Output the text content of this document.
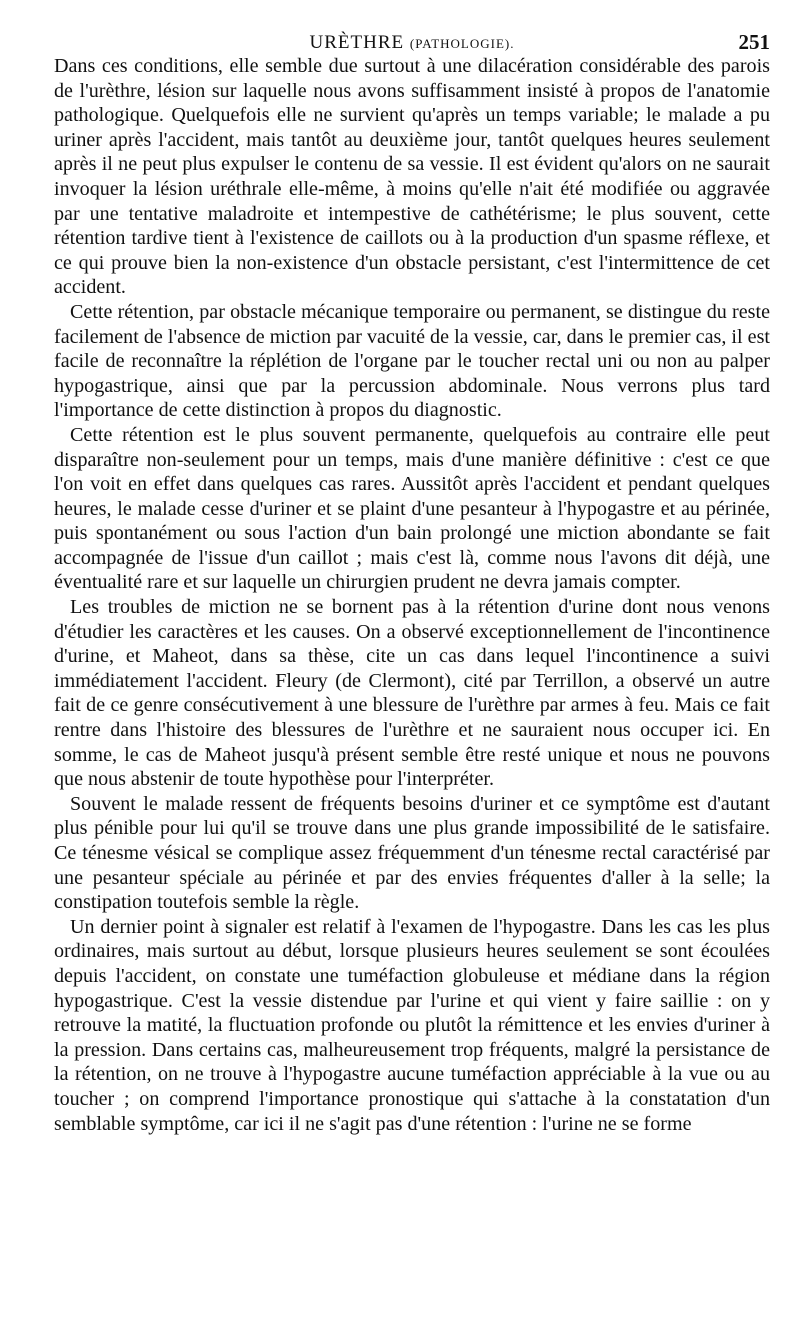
URÈTHRE (PATHOLOGIE).	251

Dans ces conditions, elle semble due surtout à une dilacération considérable des parois de l'urèthre, lésion sur laquelle nous avons suffisamment insisté à propos de l'anatomie pathologique. Quelquefois elle ne survient qu'après un temps variable; le malade a pu uriner après l'accident, mais tantôt au deuxième jour, tantôt quelques heures seulement après il ne peut plus expulser le contenu de sa vessie. Il est évident qu'alors on ne saurait invoquer la lésion uréthrale elle-même, à moins qu'elle n'ait été modifiée ou aggravée par une tentative maladroite et intempestive de cathétérisme; le plus souvent, cette rétention tardive tient à l'existence de caillots ou à la production d'un spasme réflexe, et ce qui prouve bien la non-existence d'un obstacle persistant, c'est l'intermittence de cet accident.

Cette rétention, par obstacle mécanique temporaire ou permanent, se distingue du reste facilement de l'absence de miction par vacuité de la vessie, car, dans le premier cas, il est facile de reconnaître la réplétion de l'organe par le toucher rectal uni ou non au palper hypogastrique, ainsi que par la percussion abdominale. Nous verrons plus tard l'importance de cette distinction à propos du diagnostic.

Cette rétention est le plus souvent permanente, quelquefois au contraire elle peut disparaître non-seulement pour un temps, mais d'une manière définitive : c'est ce que l'on voit en effet dans quelques cas rares. Aussitôt après l'accident et pendant quelques heures, le malade cesse d'uriner et se plaint d'une pesanteur à l'hypogastre et au périnée, puis spontanément ou sous l'action d'un bain prolongé une miction abondante se fait accompagnée de l'issue d'un caillot ; mais c'est là, comme nous l'avons dit déjà, une éventualité rare et sur laquelle un chirurgien prudent ne devra jamais compter.

Les troubles de miction ne se bornent pas à la rétention d'urine dont nous venons d'étudier les caractères et les causes. On a observé exceptionnellement de l'incontinence d'urine, et Maheot, dans sa thèse, cite un cas dans lequel l'incontinence a suivi immédiatement l'accident. Fleury (de Clermont), cité par Terrillon, a observé un autre fait de ce genre consécutivement à une blessure de l'urèthre par armes à feu. Mais ce fait rentre dans l'histoire des blessures de l'urèthre et ne sauraient nous occuper ici. En somme, le cas de Maheot jusqu'à présent semble être resté unique et nous ne pouvons que nous abstenir de toute hypothèse pour l'interpréter.

Souvent le malade ressent de fréquents besoins d'uriner et ce symptôme est d'autant plus pénible pour lui qu'il se trouve dans une plus grande impossibilité de le satisfaire. Ce ténesme vésical se complique assez fréquemment d'un ténesme rectal caractérisé par une pesanteur spéciale au périnée et par des envies fréquentes d'aller à la selle; la constipation toutefois semble la règle.

Un dernier point à signaler est relatif à l'examen de l'hypogastre. Dans les cas les plus ordinaires, mais surtout au début, lorsque plusieurs heures seulement se sont écoulées depuis l'accident, on constate une tuméfaction globuleuse et médiane dans la région hypogastrique. C'est la vessie distendue par l'urine et qui vient y faire saillie : on y retrouve la matité, la fluctuation profonde ou plutôt la rémittence et les envies d'uriner à la pression. Dans certains cas, malheureusement trop fréquents, malgré la persistance de la rétention, on ne trouve à l'hypogastre aucune tuméfaction appréciable à la vue ou au toucher ; on comprend l'importance pronostique qui s'attache à la constatation d'un semblable symptôme, car ici il ne s'agit pas d'une rétention : l'urine ne se forme
